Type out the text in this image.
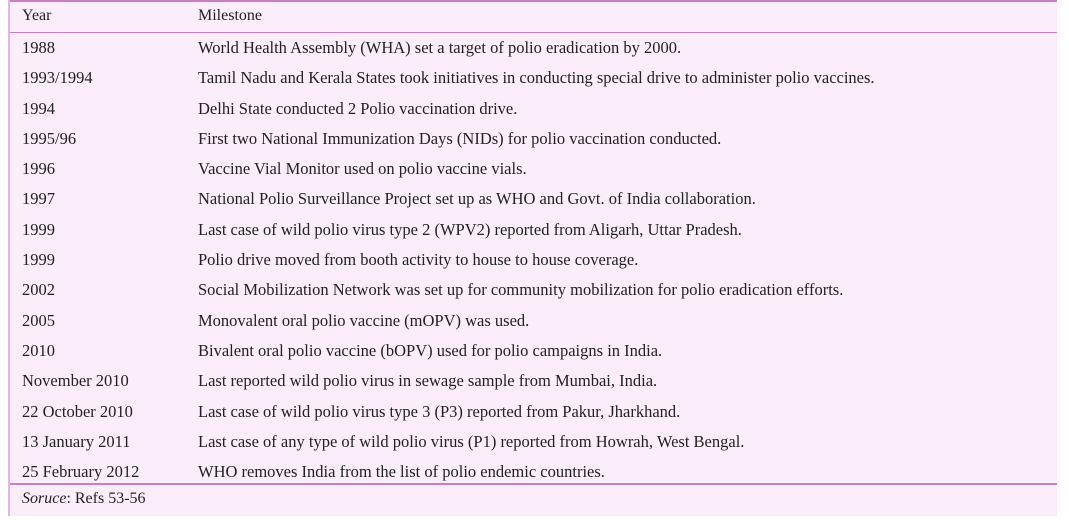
Year	Milestone
1988	World Health Assembly (WHA) set a target of polio eradication by 2000.
1993/1994	Tamil Nadu and Kerala States took initiatives in conducting special drive to administer polio vaccines.
1994	Delhi State conducted 2 Polio vaccination drive.
1995/96	First two National Immunization Days (NIDs) for polio vaccination conducted.
1996	Vaccine Vial Monitor used on polio vaccine vials.
1997	National Polio Surveillance Project set up as WHO and Govt. of India collaboration.
1999	Last case of wild polio virus type 2 (WPV2) reported from Aligarh, Uttar Pradesh.
1999	Polio drive moved from booth activity to house to house coverage.
2002	Social Mobilization Network was set up for community mobilization for polio eradication efforts.
2005	Monovalent oral polio vaccine (mOPV) was used.
2010	Bivalent oral polio vaccine (bOPV) used for polio campaigns in India.
November 2010	Last reported wild polio virus in sewage sample from Mumbai, India.
22 October 2010	Last case of wild polio virus type 3 (P3) reported from Pakur, Jharkhand.
13 January 2011	Last case of any type of wild polio virus (P1) reported from Howrah, West Bengal.
25 February 2012	WHO removes India from the list of polio endemic countries.
Soruce: Refs 53-56
